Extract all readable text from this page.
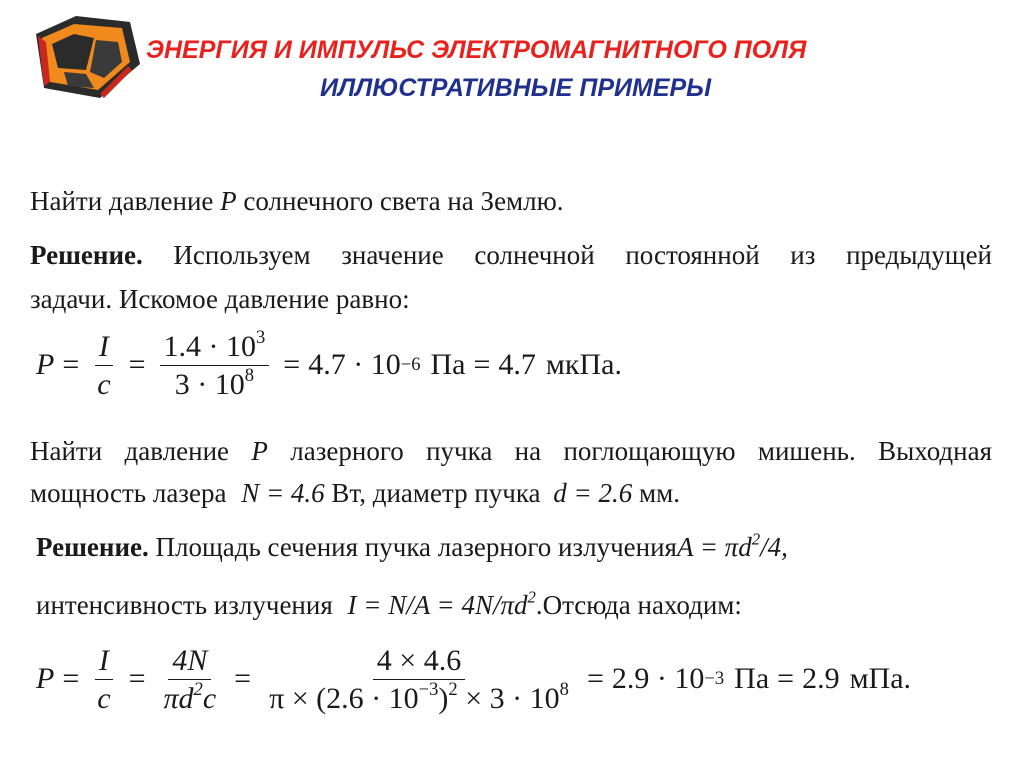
ЭНЕРГИЯ И ИМПУЛЬС ЭЛЕКТРОМАГНИТНОГО ПОЛЯ
ИЛЛЮСТРАТИВНЫЕ ПРИМЕРЫ
Найти давление P солнечного света на Землю.
Решение. Используем значение солнечной постоянной из предыдущей
задачи. Искомое давление равно:
$P = \frac{I}{c} = \frac{1.4 \cdot 10^3}{3 \cdot 10^8} = 4.7 \cdot 10 -6$ Па = 4.7 мкПа.
Найти давление P лазерного пучка на поглощающую мишень. Выходная
мощность лазера N = 4.6 Вт, диаметр пучка d = 2.6 мм.
Решение. Площадь сечения пучка лазерного излученияA = $\pi d^2/4$,
интенсивность излучения $I = N/A = 4N/\pi d^2.Отсюда$ находим:
$P = \frac{I}{c} = \frac{4N}{\pi d^2c} = \frac{4 \times 4.6}{\pi \times (2.6 \cdot 10^{-3})^2 \times 3 \cdot 10^8} = 2.9 \cdot 10 -3$ Па = 2.9 мПа.
